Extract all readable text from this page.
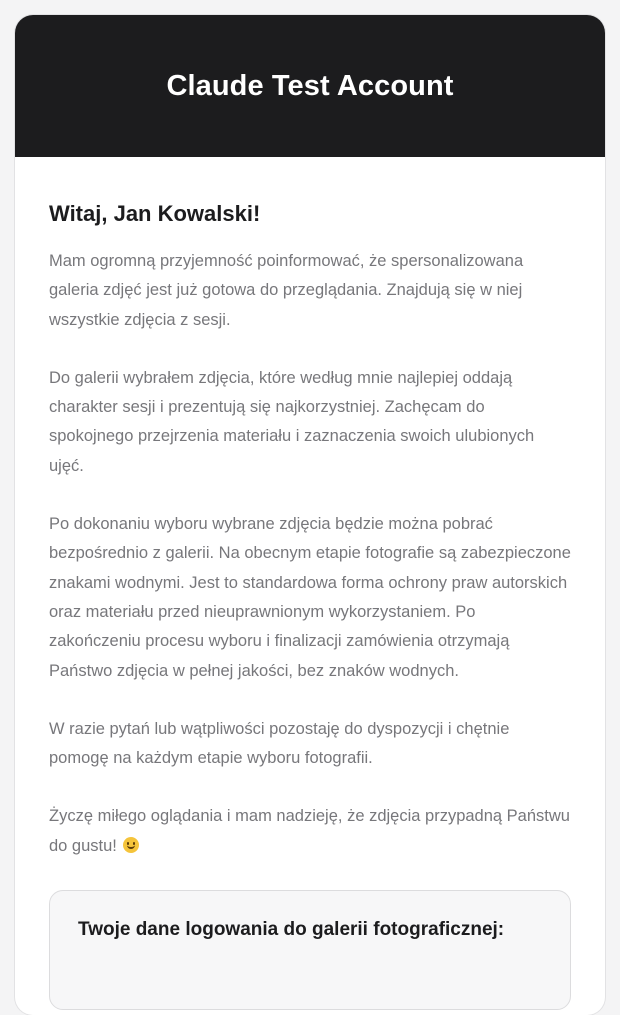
Claude Test Account
Witaj, Jan Kowalski!

Mam ogromną przyjemność poinformować, że spersonalizowana galeria zdjęć jest już gotowa do przeglądania. Znajdują się w niej wszystkie zdjęcia z sesji.

Do galerii wybrałem zdjęcia, które według mnie najlepiej oddają charakter sesji i prezentują się najkorzystniej. Zachęcam do spokojnego przejrzenia materiału i zaznaczenia swoich ulubionych ujęć.

Po dokonaniu wyboru wybrane zdjęcia będzie można pobrać bezpośrednio z galerii. Na obecnym etapie fotografie są zabezpieczone znakami wodnymi. Jest to standardowa forma ochrony praw autorskich oraz materiału przed nieuprawnionym wykorzystaniem. Po zakończeniu procesu wyboru i finalizacji zamówienia otrzymają Państwo zdjęcia w pełnej jakości, bez znaków wodnych.

W razie pytań lub wątpliwości pozostaję do dyspozycji i chętnie pomogę na każdym etapie wyboru fotografii.

Życzę miłego oglądania i mam nadzieję, że zdjęcia przypadną Państwu do gustu!

Twoje dane logowania do galerii fotograficznej:
